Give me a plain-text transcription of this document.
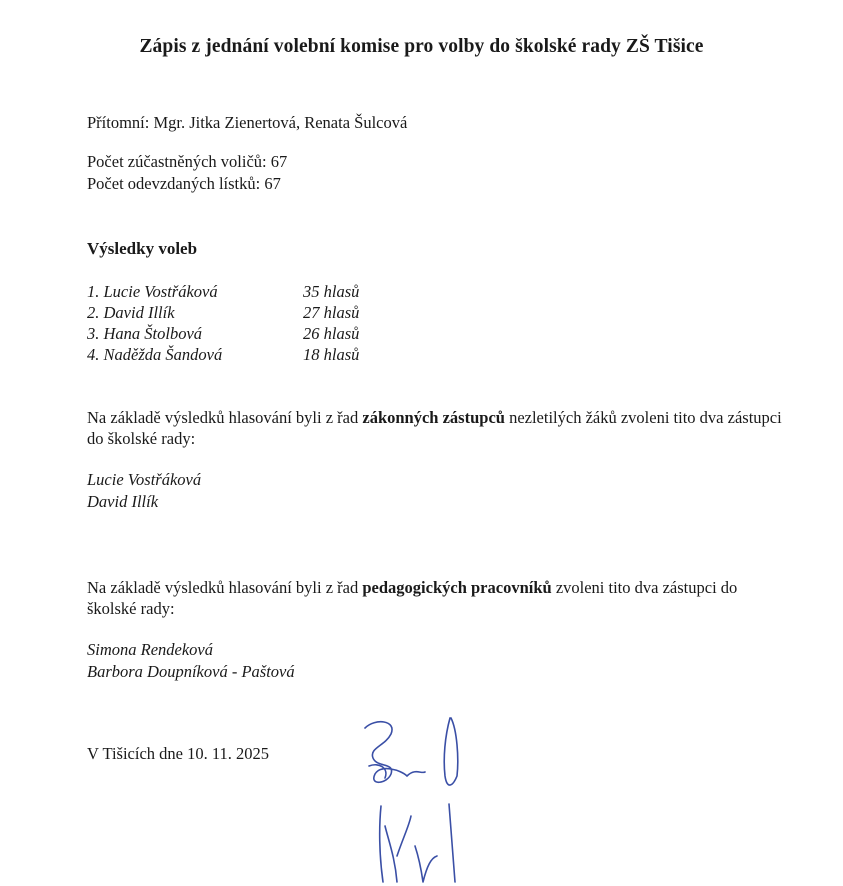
Zápis z jednání volební komise pro volby do školské rady ZŠ Tišice
Přítomní: Mgr. Jitka Zienertová, Renata Šulcová
Počet zúčastněných voličů: 67
Počet odevzdaných lístků: 67
Výsledky voleb
1. Lucie Vostřáková	35 hlasů
2. David Illík	27 hlasů
3. Hana Štolbová	26 hlasů
4. Naděžda Šandová	18 hlasů
Na základě výsledků hlasování byli z řad zákonných zástupců nezletilých žáků zvoleni tito dva zástupci do školské rady:
Lucie Vostřáková
David Illík
Na základě výsledků hlasování byli z řad pedagogických pracovníků zvoleni tito dva zástupci do školské rady:
Simona Rendeková
Barbora Doupníková - Paštová
V Tišicích dne 10. 11. 2025
